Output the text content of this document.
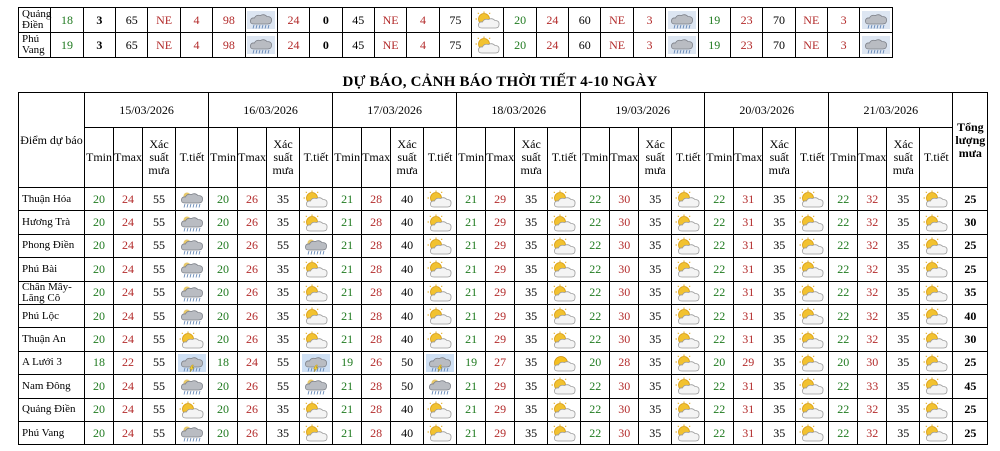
Quảng Điền	18	3	65	NE	4	98		24	0	45	NE	4	75		20	24	60	NE	3		19	23	70	NE	3	

Phú Vang	19	3	65	NE	4	98		24	0	45	NE	4	75		20	24	60	NE	3		19	23	70	NE	3	
DỰ BÁO, CẢNH BÁO THỜI TIẾT 4-10 NGÀY
Điểm dự báo	15/03/2026				16/03/2026				17/03/2026				18/03/2026				19/03/2026				20/03/2026				21/03/2026				Tổng lượng mưa
	Tmin	Tmax	Xác suất mưa	T.tiết	Tmin	Tmax	Xác suất mưa	T.tiết	Tmin	Tmax	Xác suất mưa	T.tiết	Tmin	Tmax	Xác suất mưa	T.tiết	Tmin	Tmax	Xác suất mưa	T.tiết	Tmin	Tmax	Xác suất mưa	T.tiết	Tmin	Tmax	Xác suất mưa	T.tiết	
Thuận Hóa	20	24	55		20	26	35		21	28	40		21	29	35		22	30	35		22	31	35		22	32	35		25
Hương Trà	20	24	55		20	26	35		21	28	40		21	29	35		22	30	35		22	31	35		22	32	35		30
Phong Điền	20	24	55		20	26	55		21	28	40		21	29	35		22	30	35		22	31	35		22	32	35		25
Phú Bài	20	24	55		20	26	35		21	28	40		21	29	35		22	30	35		22	31	35		22	32	35		25
Chân Mây-Lăng Cô	20	24	55		20	26	35		21	28	40		21	29	35		22	30	35		22	31	35		22	32	35		35
Phú Lộc	20	24	55		20	26	35		21	28	40		21	29	35		22	30	35		22	31	35		22	32	35		40
Thuận An	20	24	55		20	26	35		21	28	40		21	29	35		22	30	35		22	31	35		22	32	35		30
A Lưới 3	18	22	55		18	24	55		19	26	50		19	27	35		20	28	35		20	29	35		20	30	35		25
Nam Đông	20	24	55		20	26	55		21	28	50		21	29	35		22	30	35		22	31	35		22	33	35		45
Quảng Điền	20	24	55		20	26	35		21	28	40		21	29	35		22	30	35		22	31	35		22	32	35		25
Phú Vang	20	24	55		20	26	35		21	28	40		21	29	35		22	30	35		22	31	35		22	32	35		25
